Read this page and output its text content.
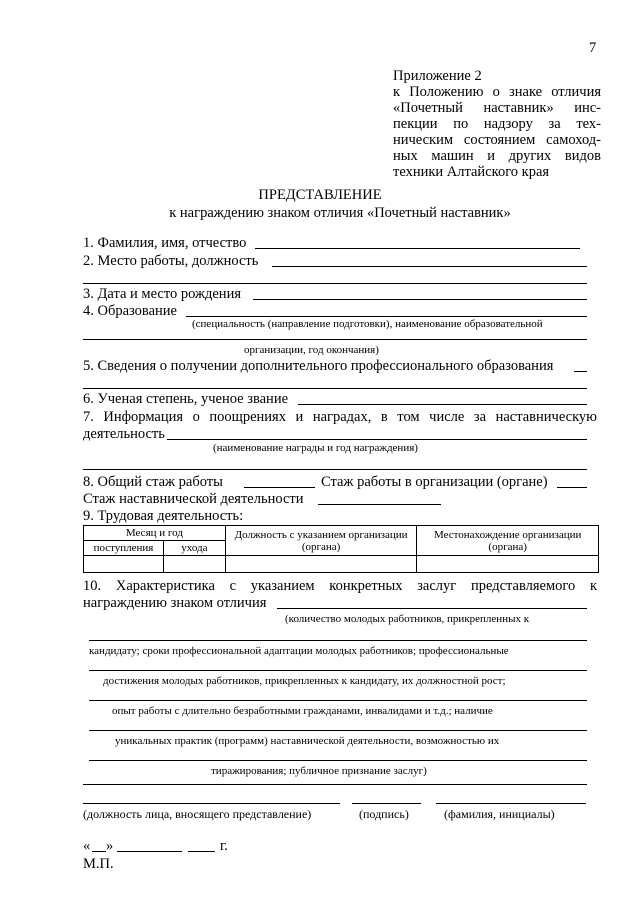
7
Приложение 2
к Положению о знаке отличия
«Почетный наставник» инс-
пекции по надзору за тех-
ническим состоянием самоход-
ных машин и других видов
техники Алтайского края
ПРЕДСТАВЛЕНИЕ
к награждению знаком отличия «Почетный наставник»
1. Фамилия, имя, отчество
2. Место работы, должность
3. Дата и место рождения
4. Образование
(специальность (направление подготовки), наименование образовательной
организации, год окончания)
5. Сведения о получении дополнительного профессионального образования
6. Ученая степень, ученое звание
7. Информация о поощрениях и наградах, в том числе за наставническую
деятельность
(наименование награды и год награждения)
8. Общий стаж работы	Стаж работы в организации (органе)
Стаж наставнической деятельности
9. Трудовая деятельность:
Месяц и год		Должность с указанием организации (органа)	Местонахождение организации (органа)
поступления	ухода		

10. Характеристика с указанием конкретных заслуг представляемого к
награждению знаком отличия
(количество молодых работников, прикрепленных к
кандидату; сроки профессиональной адаптации молодых работников; профессиональные
достижения молодых работников, прикрепленных к кандидату, их должностной рост;
опыт работы с длительно безработными гражданами, инвалидами и т.д.; наличие
уникальных практик (программ) наставнической деятельности, возможностью их
тиражирования; публичное признание заслуг)
(должность лица, вносящего представление)	(подпись)	(фамилия, инициалы)
« »	г.
М.П.
